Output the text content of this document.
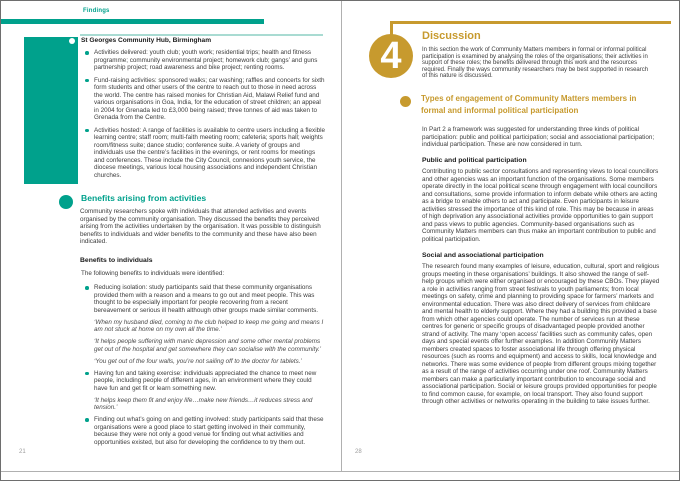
Findings
St Georges Community Hub, Birmingham
Activities delivered: youth club; youth work; residential trips; health and fitness programme; community environmental project; homework club; gangs’ and guns partnership project; road awareness and bike project; renting rooms.
Fund-raising activities: sponsored walks; car washing; raffles and concerts for sixth form students and other users of the centre to reach out to those in need across the world. The centre has raised monies for Christian Aid, Malawi Relief fund and various organisations in Goa, India, for the education of street children; an appeal in 2004 for Grenada led to £3,000 being raised; three tonnes of aid was taken to Grenada from the Centre.
Activities hosted: A range of facilities is available to centre users including a flexible learning centre; staff room; multi-faith meeting room; cafeteria; sports hall; weights room/fitness suite; dance studio; conference suite. A variety of groups and individuals use the centre’s facilities in the evenings, or rent rooms for meetings and conferences. These include the City Council, connexions youth service, the diocese meetings, various local housing associations and independent Christian churches.
Benefits arising from activities
Community researchers spoke with individuals that attended activities and events organised by the community organisation. They discussed the benefits they perceived arising from the activities undertaken by the organisation. It was possible to distinguish benefits to individuals and wider benefits to the community and these have also been indicated.
Benefits to individuals
The following benefits to individuals were identified:
Reducing isolation: study participants said that these community organisations provided them with a reason and a means to go out and meet people. This was thought to be especially important for people recovering from a recent bereavement or serious ill health although other groups made similar comments.
‘When my husband died, coming to the club helped to keep me going and means I am not stuck at home on my own all the time.’
‘It helps people suffering with manic depression and some other mental problems get out of the hospital and get somewhere they can socialise with the community.’
‘You get out of the four walls, you’re not sailing off to the doctor for tablets.’
Having fun and taking exercise: individuals appreciated the chance to meet new people, including people of different ages, in an environment where they could have fun and get fit or learn something new.
‘It helps keep them fit and enjoy life…make new friends…it reduces stress and tension.’
Finding out what’s going on and getting involved: study participants said that these organisations were a good place to start getting involved in their community, because they were not only a good venue for finding out what activities and opportunities existed, but also for developing the confidence to try them out.
21
4 Discussion
In this section the work of Community Matters members in formal or informal political participation is examined by analysing the roles of the organisations; their activities in support of these roles; the benefits delivered through this work and the resources required. Finally the ways community researchers may be best supported in research of this nature is discussed.
Types of engagement of Community Matters members in formal and informal political participation
In Part 2 a framework was suggested for understanding three kinds of political participation: public and political participation; social and associational participation; individual participation. These are now considered in turn.
Public and political participation
Contributing to public sector consultations and representing views to local councillors and other agencies was an important function of the organisations. Some members operate directly in the local political scene through engagement with local councillors and consultations, some provide information to inform debate while others are acting as a bridge to enable others to act and participate. Even participants in leisure activities stressed the importance of this kind of role. This may be because in areas of high deprivation any associational activities provide opportunities to gain support and pass views to public agencies. Community-based organisations such as Community Matters members can thus make an important contribution to public and political participation.
Social and associational participation
The research found many examples of leisure, education, cultural, sport and religious groups meeting in these organisations’ buildings. It also showed the range of self-help groups which were either organised or encouraged by these CBOs. They played a role in activities ranging from street festivals to youth parliaments; from local meetings on safety, crime and planning to providing space for farmers’ markets and environmental education. There was also direct delivery of services from childcare and mental health to elderly support. Where they had a building this provided a base from which other agencies could operate. The number of services run at these centres for generic or specific groups of disadvantaged people provided another strand of activity. The many ‘open access’ facilities such as community cafes, open days and special events offer further examples. In addition Community Matters members created spaces to foster associational life through offering physical resources (such as rooms and equipment) and access to skills, local knowledge and networks. There was some evidence of people from different groups mixing together as a result of the range of activities occurring under one roof. Community Matters members can make a particularly important contribution to encourage social and associational participation. Social or leisure groups provided opportunities for people to find common cause, for example, on local transport. They also found support through other activities or networks operating in the building to take issues further.
28
